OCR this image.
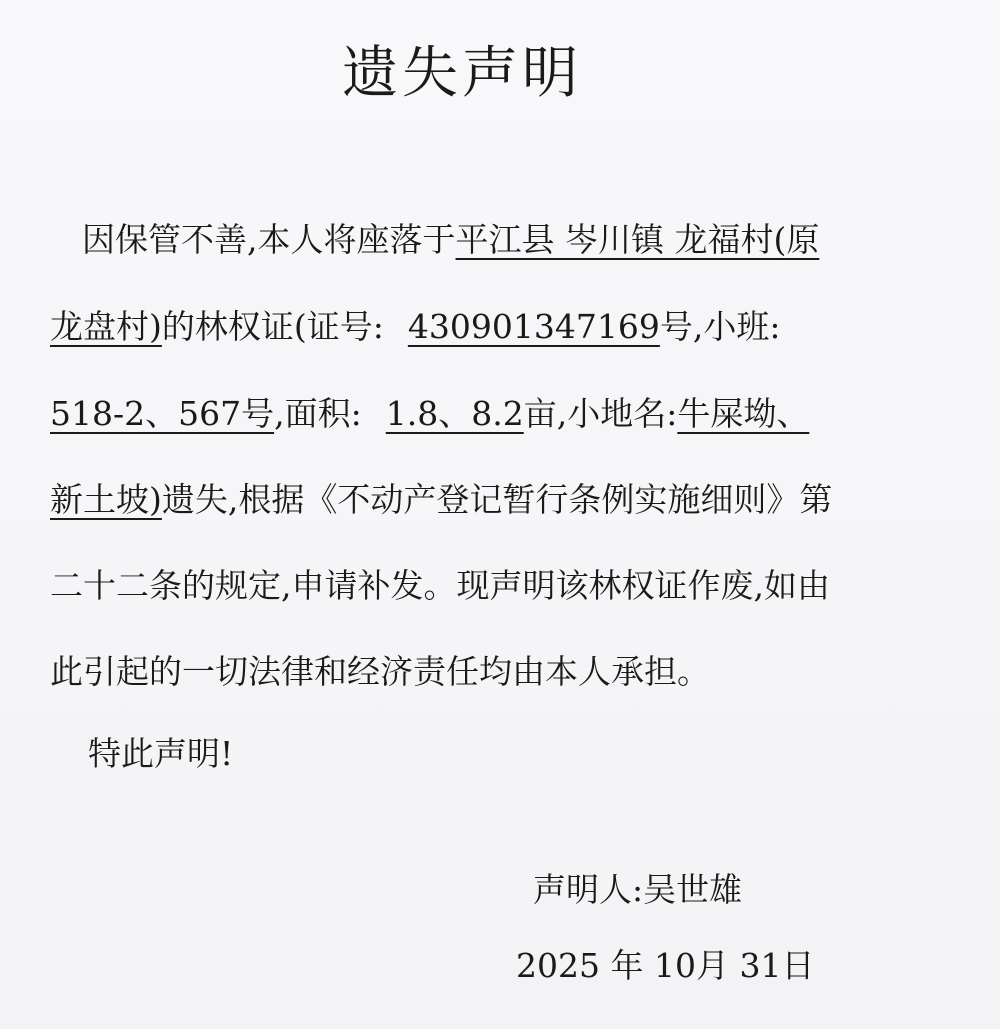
遗失声明
因保管不善,本人将座落于平江县 岑川镇 龙福村(原
龙盘村)的林权证(证号: 430901347169号,小班:
518-2、567号,面积: 1.8、8.2亩,小地名:牛屎坳、
新土坡)遗失,根据《不动产登记暂行条例实施细则》第
二十二条的规定,申请补发。现声明该林权证作废,如由
此引起的一切法律和经济责任均由本人承担。
特此声明!
声明人:吴世雄
2025 年 10月 31日
